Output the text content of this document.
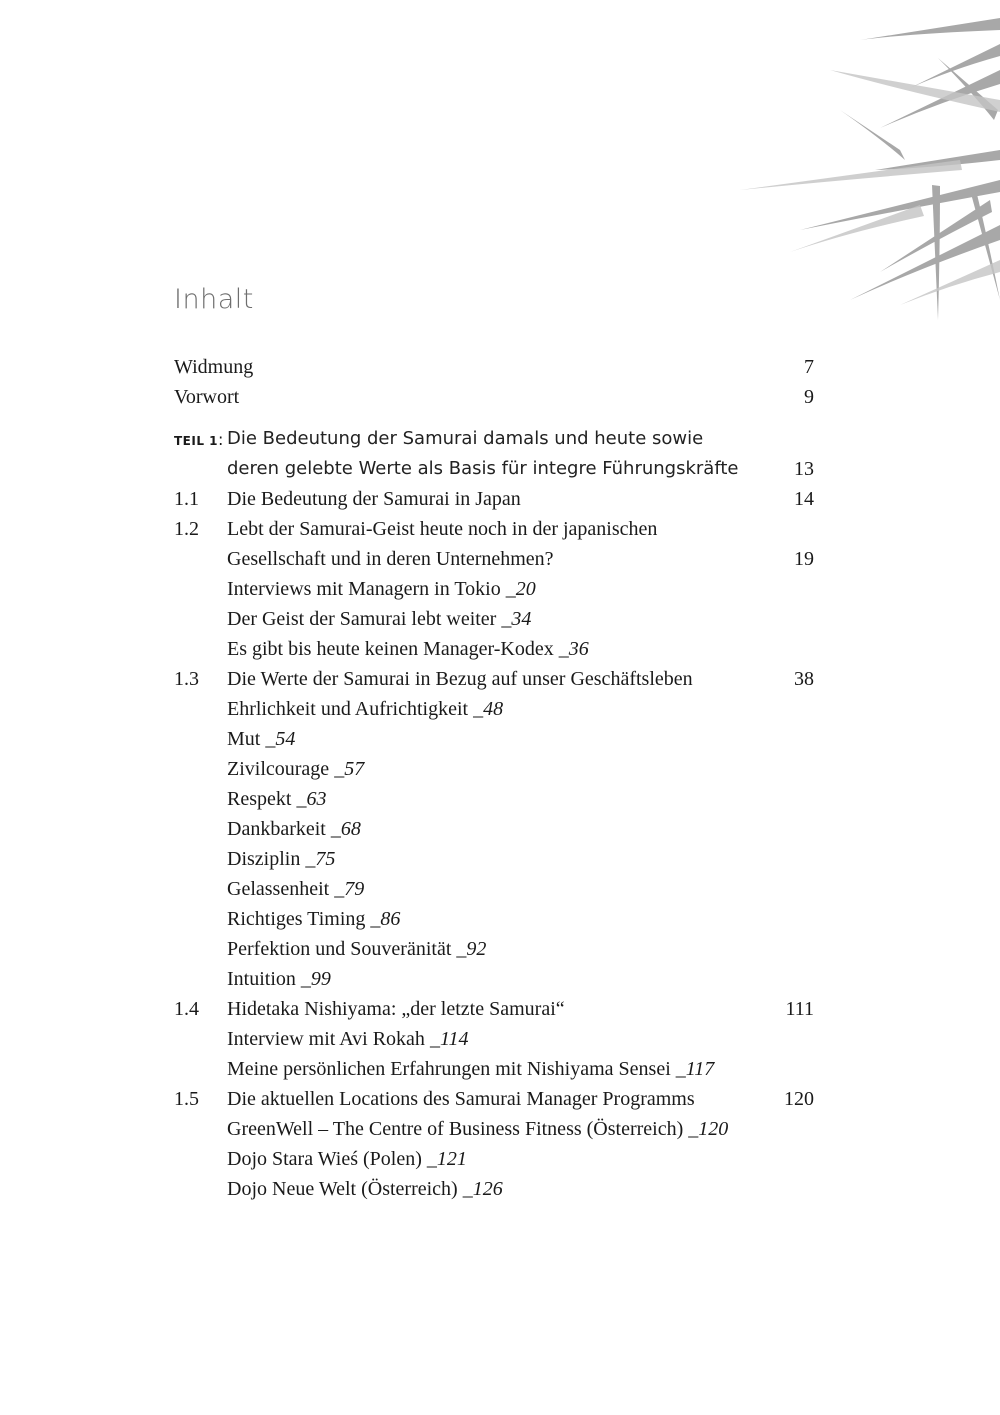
Inhalt
Widmung	7
Vorwort	9
TEIL 1: Die Bedeutung der Samurai damals und heute sowie
deren gelebte Werte als Basis für integre Führungskräfte	13
1.1 Die Bedeutung der Samurai in Japan	14
1.2 Lebt der Samurai-Geist heute noch in der japanischen
Gesellschaft und in deren Unternehmen?	19
Interviews mit Managern in Tokio _20
Der Geist der Samurai lebt weiter _34
Es gibt bis heute keinen Manager-Kodex _36
1.3 Die Werte der Samurai in Bezug auf unser Geschäftsleben	38
Ehrlichkeit und Aufrichtigkeit _48
Mut _54
Zivilcourage _57
Respekt _63
Dankbarkeit _68
Disziplin _75
Gelassenheit _79
Richtiges Timing _86
Perfektion und Souveränität _92
Intuition _99
1.4 Hidetaka Nishiyama: „der letzte Samurai“	111
Interview mit Avi Rokah _114
Meine persönlichen Erfahrungen mit Nishiyama Sensei _117
1.5 Die aktuellen Locations des Samurai Manager Programms	120
GreenWell – The Centre of Business Fitness (Österreich) _120
Dojo Stara Wieś (Polen) _121
Dojo Neue Welt (Österreich) _126
